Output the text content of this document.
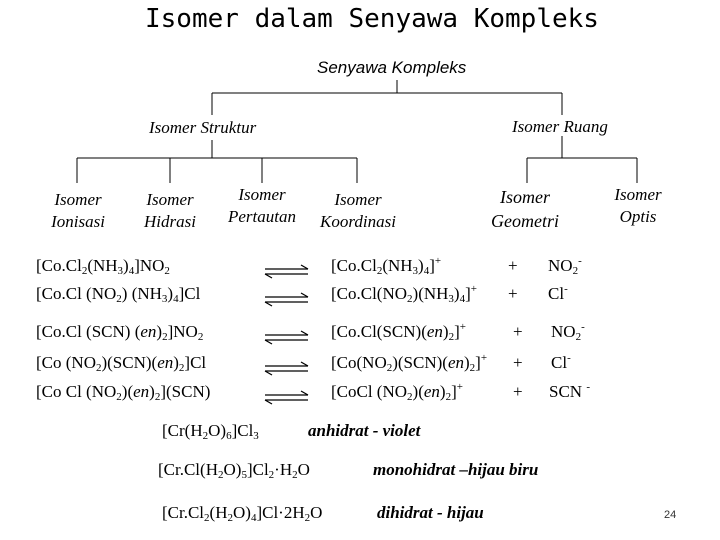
Isomer dalam Senyawa Kompleks
Senyawa Kompleks
Isomer Struktur	Isomer Ruang
Isomer
Ionisasi
Isomer
Hidrasi
Isomer
Pertautan
Isomer
Koordinasi
Isomer
Geometri
Isomer
Optis
$[Co.Cl_2(NH_3)_4]NO_2$	$[Co.Cl_2(NH_3)_4]^+$	+ $NO_2^-$
[Co.Cl $(NO_2)$ $(NH_3)_4]Cl$	$[Co.Cl(NO_2)(NH_3)_4]^+ + Cl^-$
[Co.Cl (SCN) $(en)_2]NO_2$	$[Co.Cl(SCN)(en)_2]^+$	+ $NO_2^-$
[Co $(NO_2)(SCN)(en)_2]Cl$	$[Co(NO_2)(SCN)(en)_2]^+ + Cl^-$
[Co Cl $(NO_2)(en)_2](SCN)$	[CoCl $(NO_2)(en)_2]^+$	+ SCN -
$[Cr(H_2O)_6]Cl_3$	anhidrat - violet
$[Cr.Cl(H_2O)_5]Cl_2\cdot H_2O$	monohidrat –hijau biru
$[Cr.Cl_2(H_2O)_4]Cl\cdot 2H_2O$	dihidrat - hijau	24
